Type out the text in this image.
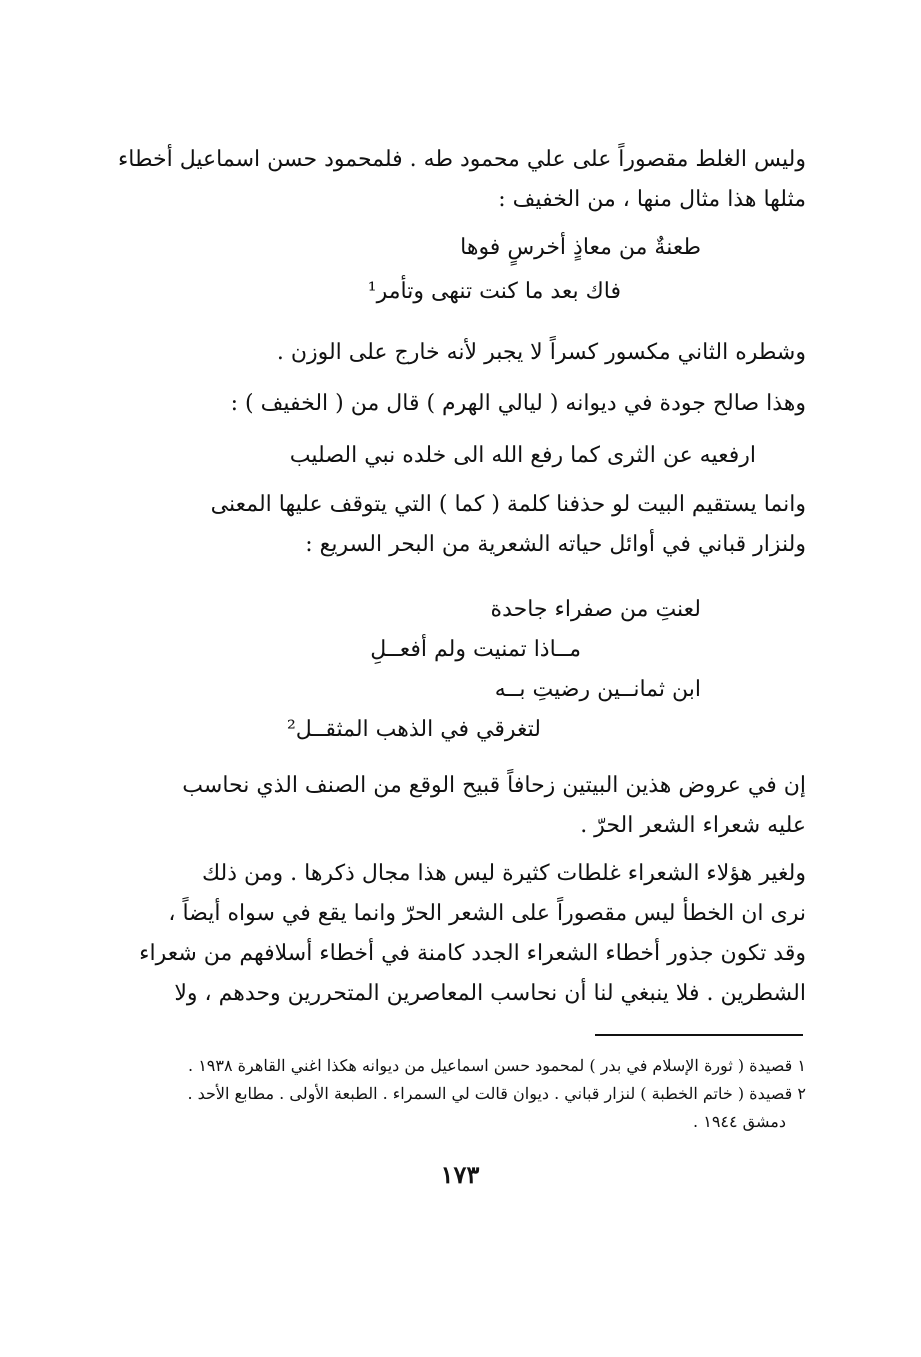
وليس الغلط مقصوراً على علي محمود طه . فلمحمود حسن اسماعيل أخطاء
مثلها هذا مثال منها ، من الخفيف :
طعنةٌ من معاذٍ أخرسٍ فوها
فاك بعد ما كنت تنهى وتأمر¹
وشطره الثاني مكسور كسراً لا يجبر لأنه خارج على الوزن .
وهذا صالح جودة في ديوانه ( ليالي الهرم ) قال من ( الخفيف ) :
ارفعيه عن الثرى كما رفع الله الى خلده نبي الصليب
وانما يستقيم البيت لو حذفنا كلمة ( كما ) التي يتوقف عليها المعنى
ولنزار قباني في أوائل حياته الشعرية من البحر السريع :
لعنتِ من صفراء جاحدة
مــاذا تمنيت ولم أفعــلِ
ابن ثمانــين رضيتِ بــه
لتغرقي في الذهب المثقــل²
إن في عروض هذين البيتين زحافاً قبيح الوقع من الصنف الذي نحاسب
عليه شعراء الشعر الحرّ .
ولغير هؤلاء الشعراء غلطات كثيرة ليس هذا مجال ذكرها . ومن ذلك
نرى ان الخطأ ليس مقصوراً على الشعر الحرّ وانما يقع في سواه أيضاً ،
وقد تكون جذور أخطاء الشعراء الجدد كامنة في أخطاء أسلافهم من شعراء
الشطرين . فلا ينبغي لنا أن نحاسب المعاصرين المتحررين وحدهم ، ولا
١ قصيدة ( ثورة الإسلام في بدر ) لمحمود حسن اسماعيل من ديوانه هكذا اغني القاهرة ١٩٣٨ .
٢ قصيدة ( خاتم الخطبة ) لنزار قباني . ديوان قالت لي السمراء . الطبعة الأولى . مطابع الأحد .
دمشق ١٩٤٤ .
١٧٣
